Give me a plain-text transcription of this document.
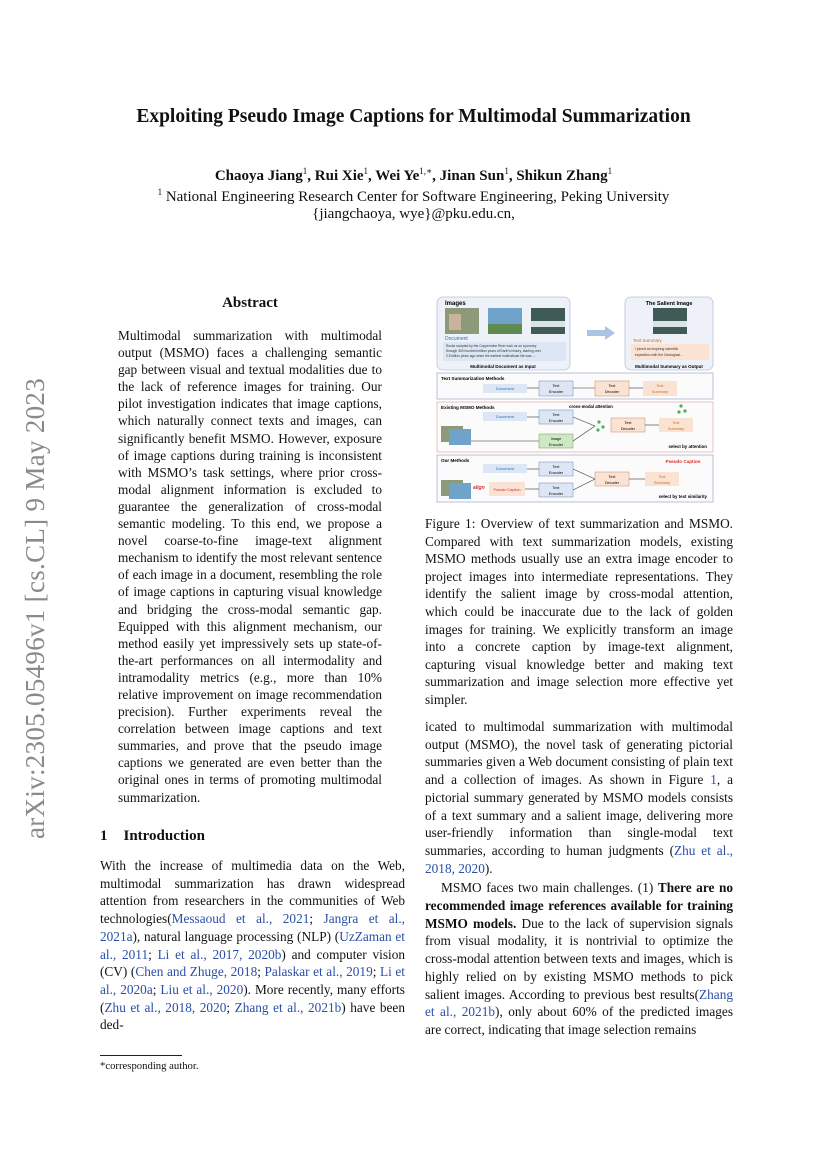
arXiv:2305.05496v1 [cs.CL] 9 May 2023
Exploiting Pseudo Image Captions for Multimodal Summarization
Chaoya Jiang$^1$, Rui Xie$^1$, Wei $Ye^{1,∗}$, Jinan Sun$^1$, Shikun Zhang$^1$
$^1$ National Engineering Research Center for Software Engineering, Peking University
{jiangchaoya, wye}@pku.edu.cn,
Abstract
Multimodal summarization with multimodal output (MSMO) faces a challenging semantic gap between visual and textual modalities due to the lack of reference images for training. Our pilot investigation indicates that image captions, which naturally connect texts and images, can significantly benefit MSMO. However, exposure of image captions during training is inconsistent with MSMO’s task settings, where prior cross-modal alignment information is excluded to guarantee the generalization of cross-modal semantic modeling. To this end, we propose a novel coarse-to-fine image-text alignment mechanism to identify the most relevant sentence of each image in a document, resembling the role of image captions in capturing visual knowledge and bridging the cross-modal semantic gap. Equipped with this alignment mechanism, our method easily yet impressively sets up state-of-the-art performances on all intermodality and intramodality metrics (e.g., more than 10% relative improvement on image recommendation precision). Further experiments reveal the correlation between image captions and text summaries, and prove that the pseudo image captions we generated are even better than the original ones in terms of promoting multimodal summarization.
1 Introduction
With the increase of multimedia data on the Web, multimodal summarization has drawn widespread attention from researchers in the communities of Web technologies(Messaoud et al., 2021; Jangra et al., 2021a), natural language processing (NLP) (UzZaman et al., 2011; Li et al., 2017, 2020b) and computer vision (CV) (Chen and Zhuge, 2018; Palaskar et al., 2019; Li et al., 2020a; Liu et al., 2020). More recently, many efforts (Zhu et al., 2018, 2020; Zhang et al., 2021b) have been ded-
*corresponding author.
Images
Document
Rocks sculpted by the Coppermine River took us on a journey
through 300 hundred million years of Earth’s history, starting over
2.5 billion years ago when the earliest multicellular life was ....
Multimodal Document as Input
The Salient Image
Text Summary
I joined an inspiring scientific
expedition with the Geological...
Multimodal Summary as Output
Text Summarization Methods
Document	Text
Encoder
Text
Decoder
Text
Summary
Existing MSMO Methods
Document	Text
Encoder
Image
Encoder
cross-modal attention
Text
Decoder
Text
Summary
select by attention
Our Methods
Document
align Pseudo Caption
Text
Encoder
Text
Encoder
Text
Decoder
Text
Summary
Pseudo Caption
select by text similarity
Figure 1: Overview of text summarization and MSMO. Compared with text summarization models, existing MSMO methods usually use an extra image encoder to project images into intermediate representations. They identify the salient image by cross-modal attention, which could be inaccurate due to the lack of golden images for training. We explicitly transform an image into a concrete caption by image-text alignment, capturing visual knowledge better and making text summarization and image selection more effective yet simpler.

icated to multimodal summarization with multimodal output (MSMO), the novel task of generating pictorial summaries given a Web document consisting of plain text and a collection of images. As shown in Figure 1, a pictorial summary generated by MSMO models consists of a text summary and a salient image, delivering more user-friendly information than single-modal text summaries, according to human judgments (Zhu et al., 2018, 2020).

MSMO faces two main challenges. (1) There are no recommended image references available for training MSMO models. Due to the lack of supervision signals from visual modality, it is nontrivial to optimize the cross-modal attention between texts and images, which is highly relied on by existing MSMO methods to pick salient images. According to previous best results(Zhang et al., 2021b), only about 60% of the predicted images are correct, indicating that image selection remains
